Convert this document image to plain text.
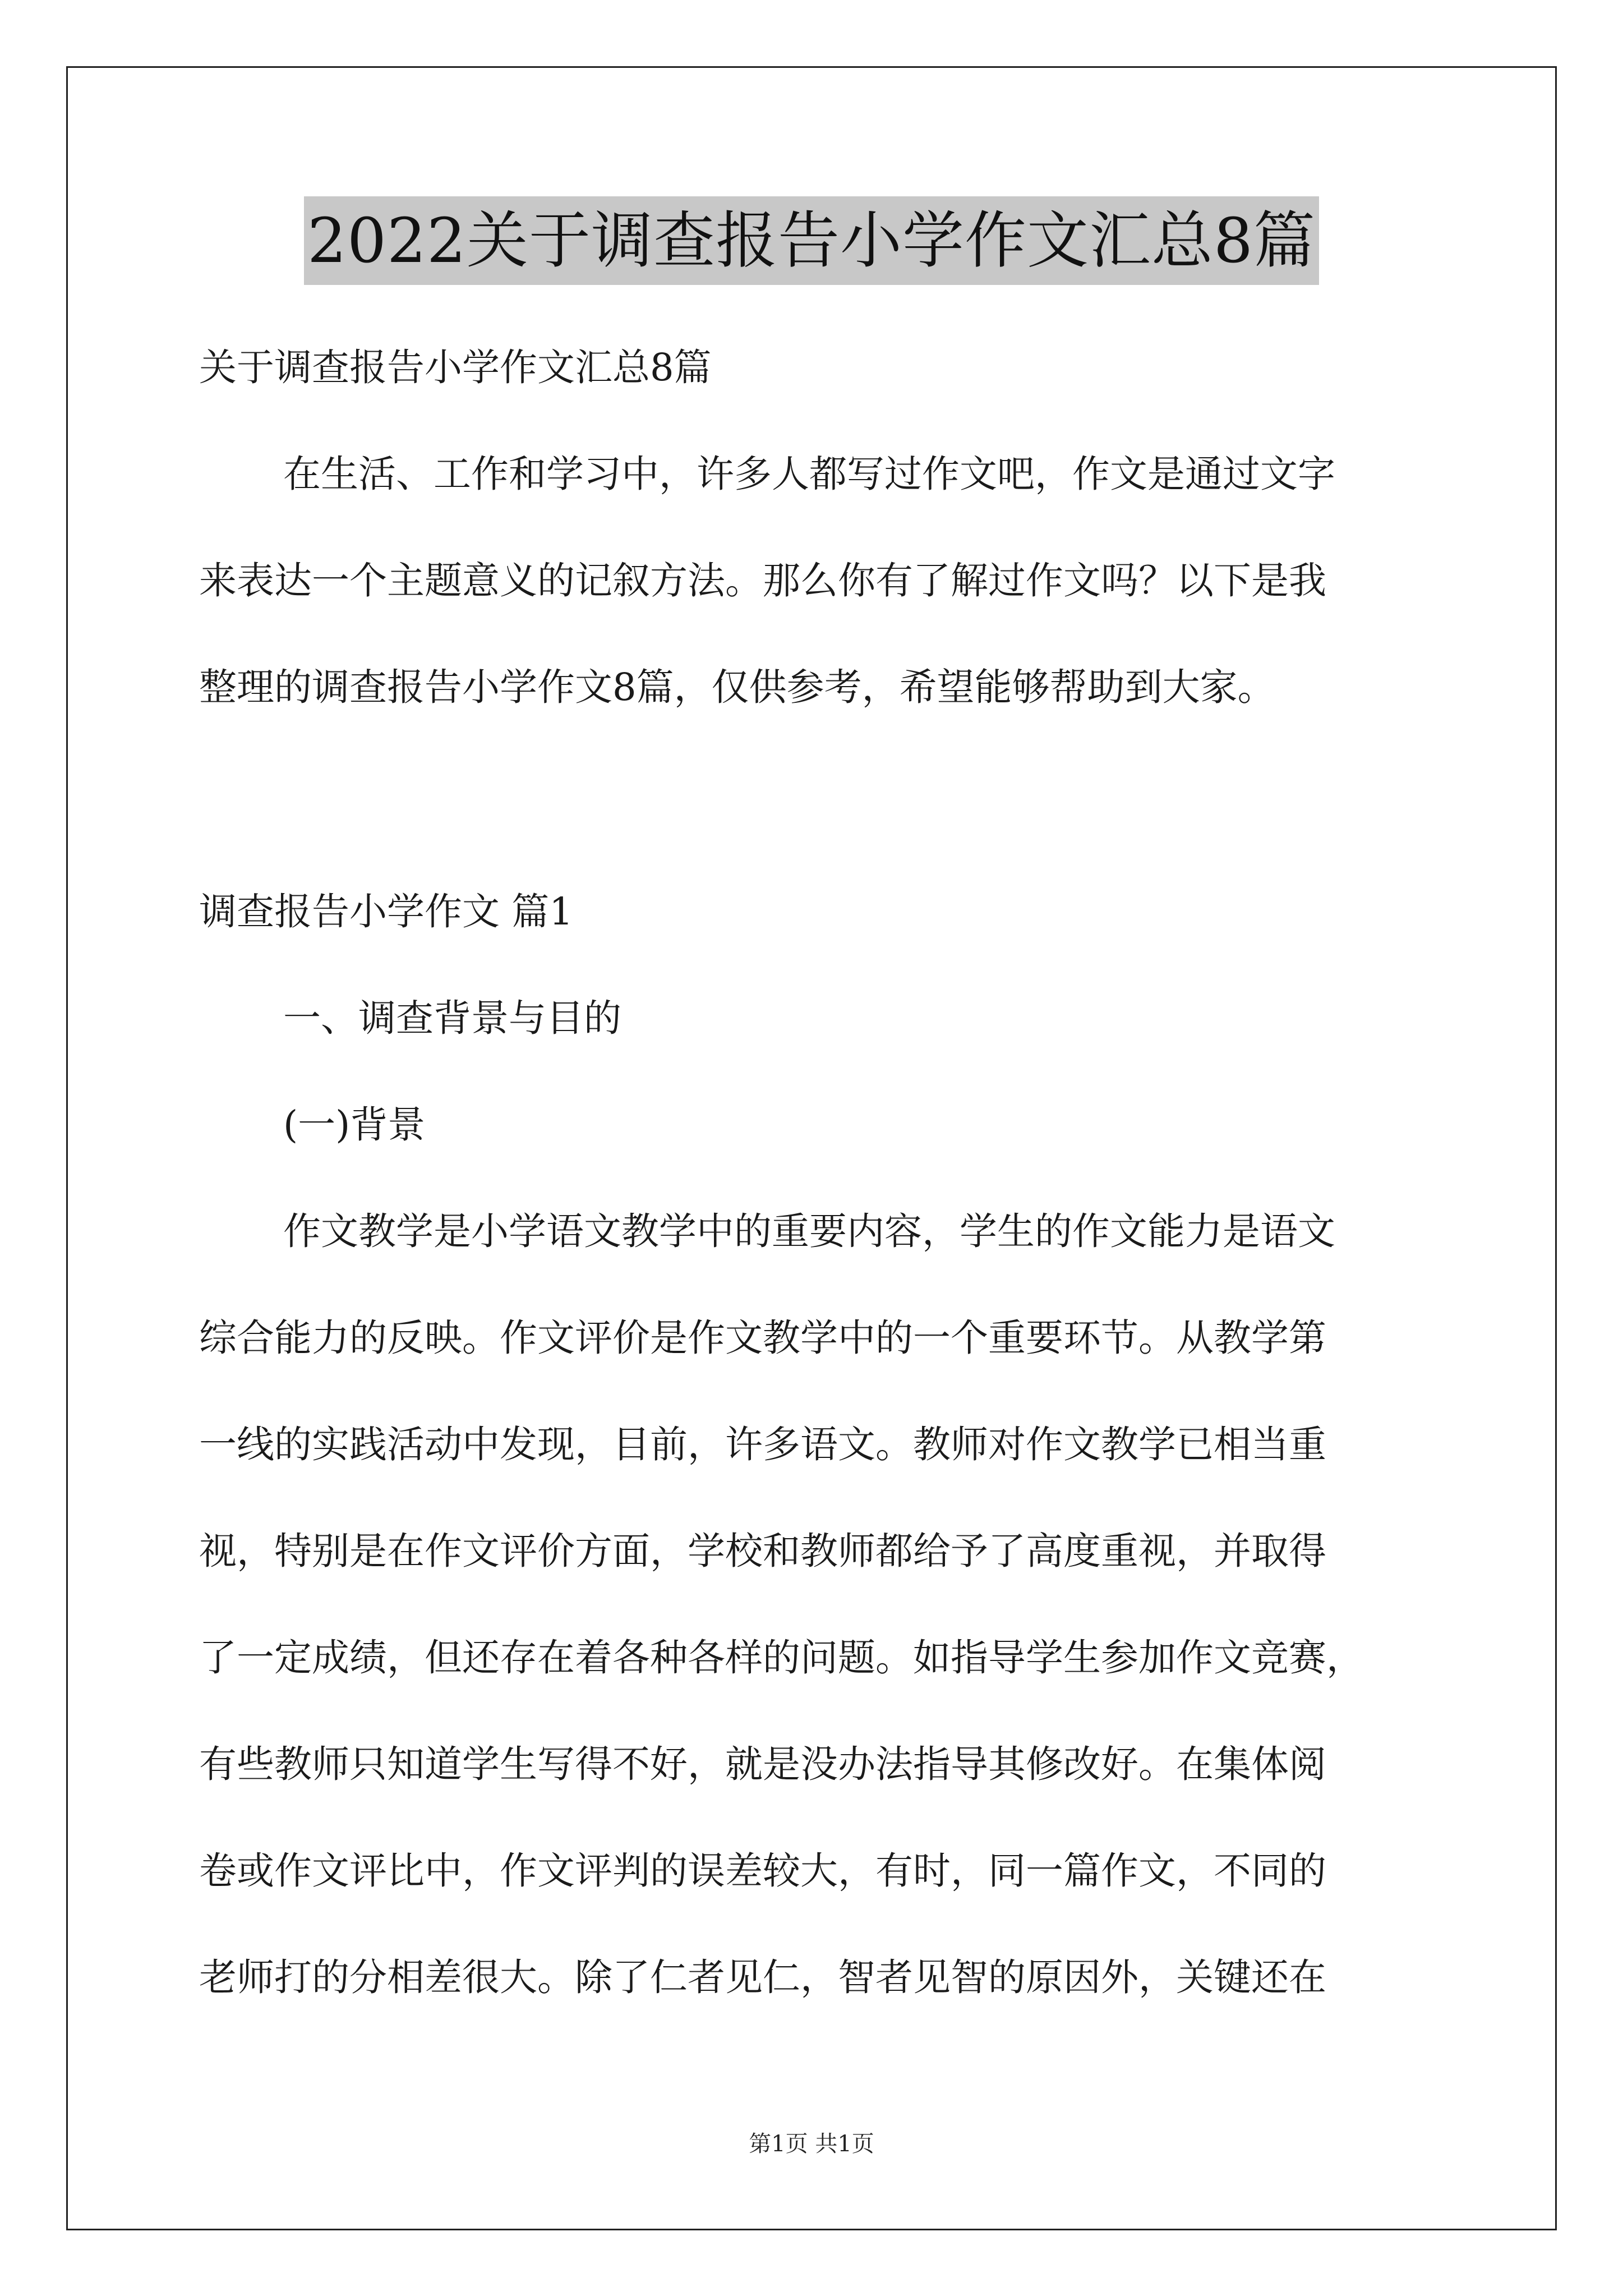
2022关于调查报告小学作文汇总8篇

关于调查报告小学作文汇总8篇

在生活、工作和学习中，许多人都写过作文吧，作文是通过文字

来表达一个主题意义的记叙方法。那么你有了解过作文吗？以下是我

整理的调查报告小学作文8篇，仅供参考，希望能够帮助到大家。

调查报告小学作文 篇1

一、调查背景与目的

(一)背景

作文教学是小学语文教学中的重要内容，学生的作文能力是语文

综合能力的反映。作文评价是作文教学中的一个重要环节。从教学第

一线的实践活动中发现，目前，许多语文。教师对作文教学已相当重

视，特别是在作文评价方面，学校和教师都给予了高度重视，并取得

了一定成绩，但还存在着各种各样的问题。如指导学生参加作文竞赛，

有些教师只知道学生写得不好，就是没办法指导其修改好。在集体阅

卷或作文评比中，作文评判的误差较大，有时，同一篇作文，不同的

老师打的分相差很大。除了仁者见仁，智者见智的原因外，关键还在

第1页 共1页
